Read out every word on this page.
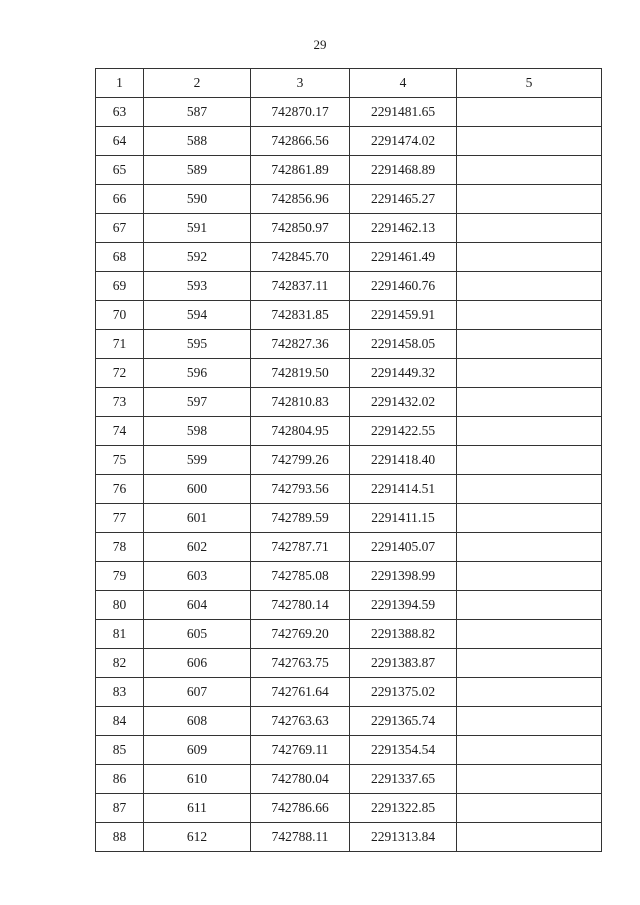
29
1	2	3	4	5
63	587	742870.17	2291481.65	
64	588	742866.56	2291474.02	
65	589	742861.89	2291468.89	
66	590	742856.96	2291465.27	
67	591	742850.97	2291462.13	
68	592	742845.70	2291461.49	
69	593	742837.11	2291460.76	
70	594	742831.85	2291459.91	
71	595	742827.36	2291458.05	
72	596	742819.50	2291449.32	
73	597	742810.83	2291432.02	
74	598	742804.95	2291422.55	
75	599	742799.26	2291418.40	
76	600	742793.56	2291414.51	
77	601	742789.59	2291411.15	
78	602	742787.71	2291405.07	
79	603	742785.08	2291398.99	
80	604	742780.14	2291394.59	
81	605	742769.20	2291388.82	
82	606	742763.75	2291383.87	
83	607	742761.64	2291375.02	
84	608	742763.63	2291365.74	
85	609	742769.11	2291354.54	
86	610	742780.04	2291337.65	
87	611	742786.66	2291322.85	
88	612	742788.11	2291313.84	
